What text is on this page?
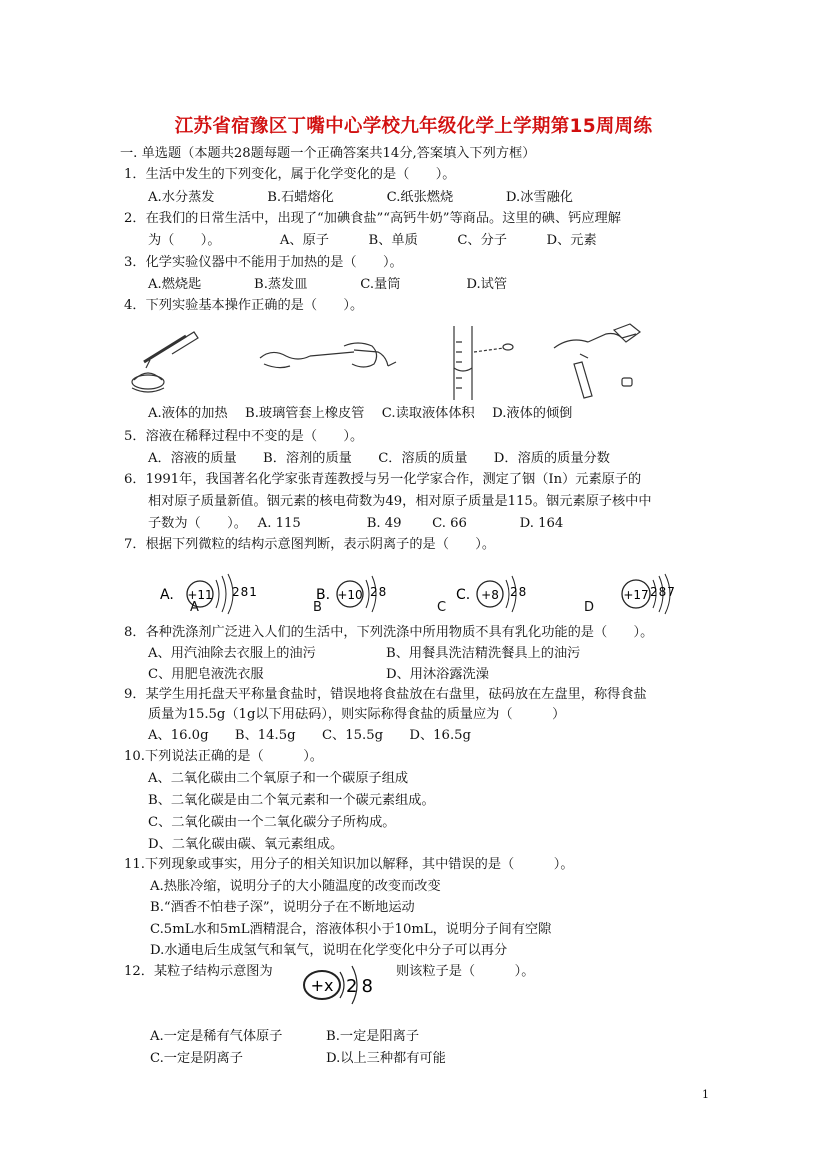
江苏省宿豫区丁嘴中心学校九年级化学上学期第15周周练
一. 单选题（本题共28题每题一个正确答案共14分,答案填入下列方框）
1．生活中发生的下列变化，属于化学变化的是（　　）。
A.水分蒸发　　　　B.石蜡熔化　　　　C.纸张燃烧　　　　D.冰雪融化
2．在我们的日常生活中，出现了“加碘食盐”“高钙牛奶”等商品。这里的碘、钙应理解
为（　　）。　　　　　A、原子　　　B、单质　　　C、分子　　　D、元素
3．化学实验仪器中不能用于加热的是（　　）。
A.燃烧匙　　　　B.蒸发皿　　　　C.量筒　　　　　D.试管
4．下列实验基本操作正确的是（　　）。
A.液体的加热　 B.玻璃管套上橡皮管　 C.读取液体体积　 D.液体的倾倒
5．溶液在稀释过程中不变的是（　　）。
A．溶液的质量　　B．溶剂的质量　　C．溶质的质量　　D．溶质的质量分数
6．1991年，我国著名化学家张青莲教授与另一化学家合作，测定了铟（In）元素原子的
相对原子质量新值。铟元素的核电荷数为49，相对原子质量是115。铟元素原子核中中
子数为（　　）。　 A. 115　　　　　B. 49　　 C. 66　　　　D. 164
7．根据下列微粒的结构示意图判断，表示阴离子的是（　　）。
A. +11 281	B. +10 28	C. +8 28	+17 287
A	B	C	D
8．各种洗涤剂广泛进入人们的生活中，下列洗涤中所用物质不具有乳化功能的是（　　）。
A、用汽油除去衣服上的油污	B、用餐具洗洁精洗餐具上的油污
C、用肥皂液洗衣服	D、用沐浴露洗澡
9．某学生用托盘天平称量食盐时，错误地将食盐放在右盘里，砝码放在左盘里，称得食盐
质量为15.5g（1g以下用砝码），则实际称得食盐的质量应为（　　　）
A、16.0g　　B、14.5g　　C、15.5g　　D、16.5g
10.下列说法正确的是（　　　）。
A、二氧化碳由二个氧原子和一个碳原子组成
B、二氧化碳是由二个氧元素和一个碳元素组成。
C、二氧化碳由一个二氧化碳分子所构成。
D、二氧化碳由碳、氧元素组成。
11.下列现象或事实，用分子的相关知识加以解释，其中错误的是（　　　）。
A.热胀冷缩，说明分子的大小随温度的改变而改变
B.“酒香不怕巷子深”，说明分子在不断地运动
C.5mL水和5mL酒精混合，溶液体积小于10mL，说明分子间有空隙
D.水通电后生成氢气和氧气，说明在化学变化中分子可以再分
12．某粒子结构示意图为
+x 28
则该粒子是（　　　）。
A.一定是稀有气体原子	B.一定是阳离子
C.一定是阴离子	D.以上三种都有可能
1
